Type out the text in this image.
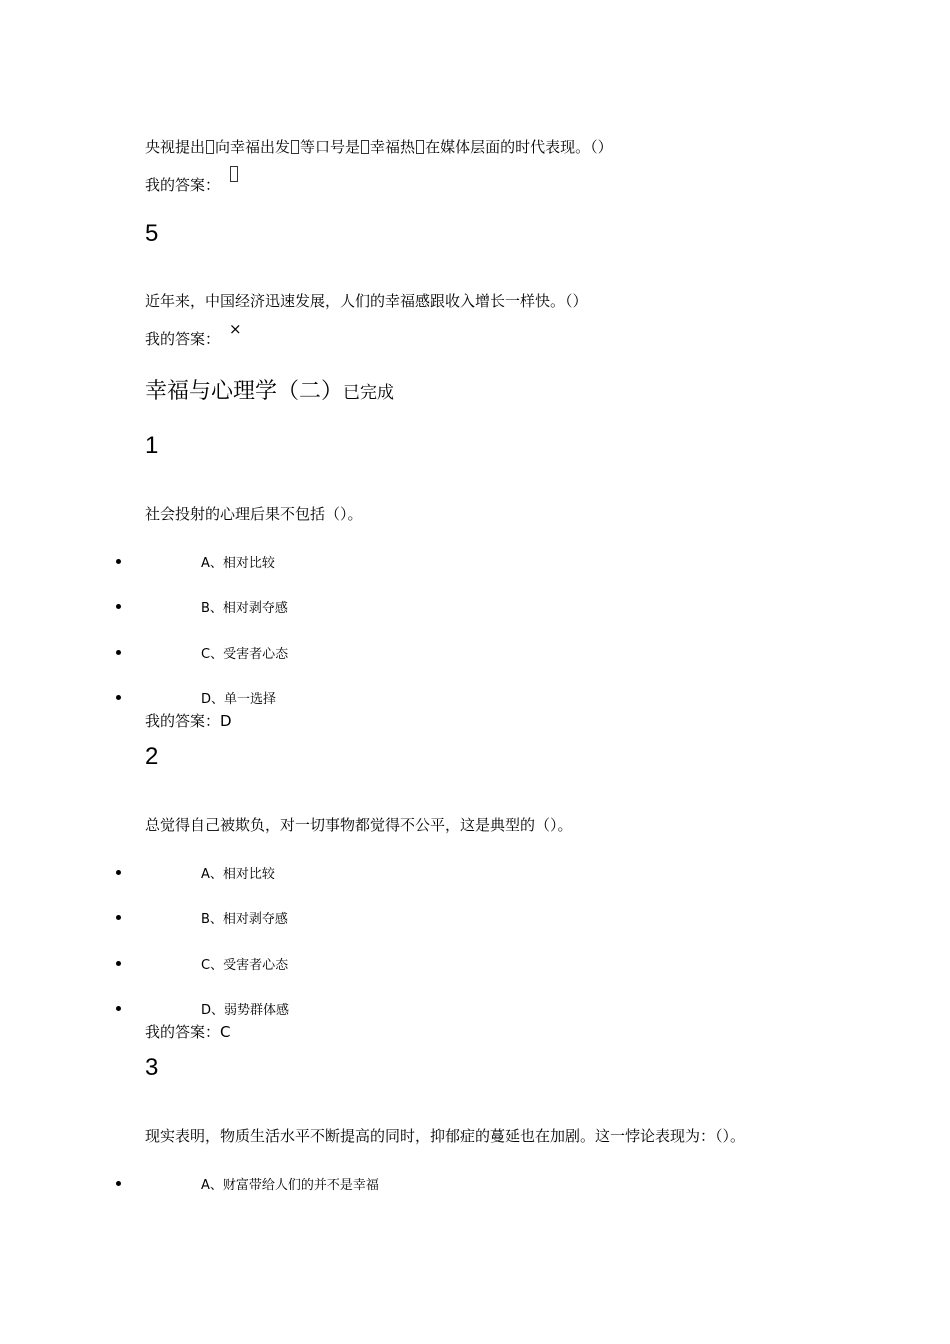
央视提出 向幸福出发 等口号是 幸福热 在媒体层面的时代表现。（）
我的答案：
5
近年来，中国经济迅速发展，人们的幸福感跟收入增长一样快。（）
我的答案：
×
幸福与心理学（二）已完成
1
社会投射的心理后果不包括（）。
A、相对比较
B、相对剥夺感
C、受害者心态
D、单一选择
我的答案：D
2
总觉得自己被欺负，对一切事物都觉得不公平，这是典型的（）。
A、相对比较
B、相对剥夺感
C、受害者心态
D、弱势群体感
我的答案：C
3
现实表明，物质生活水平不断提高的同时，抑郁症的蔓延也在加剧。这一悖论表现为：（）。
A、财富带给人们的并不是幸福
